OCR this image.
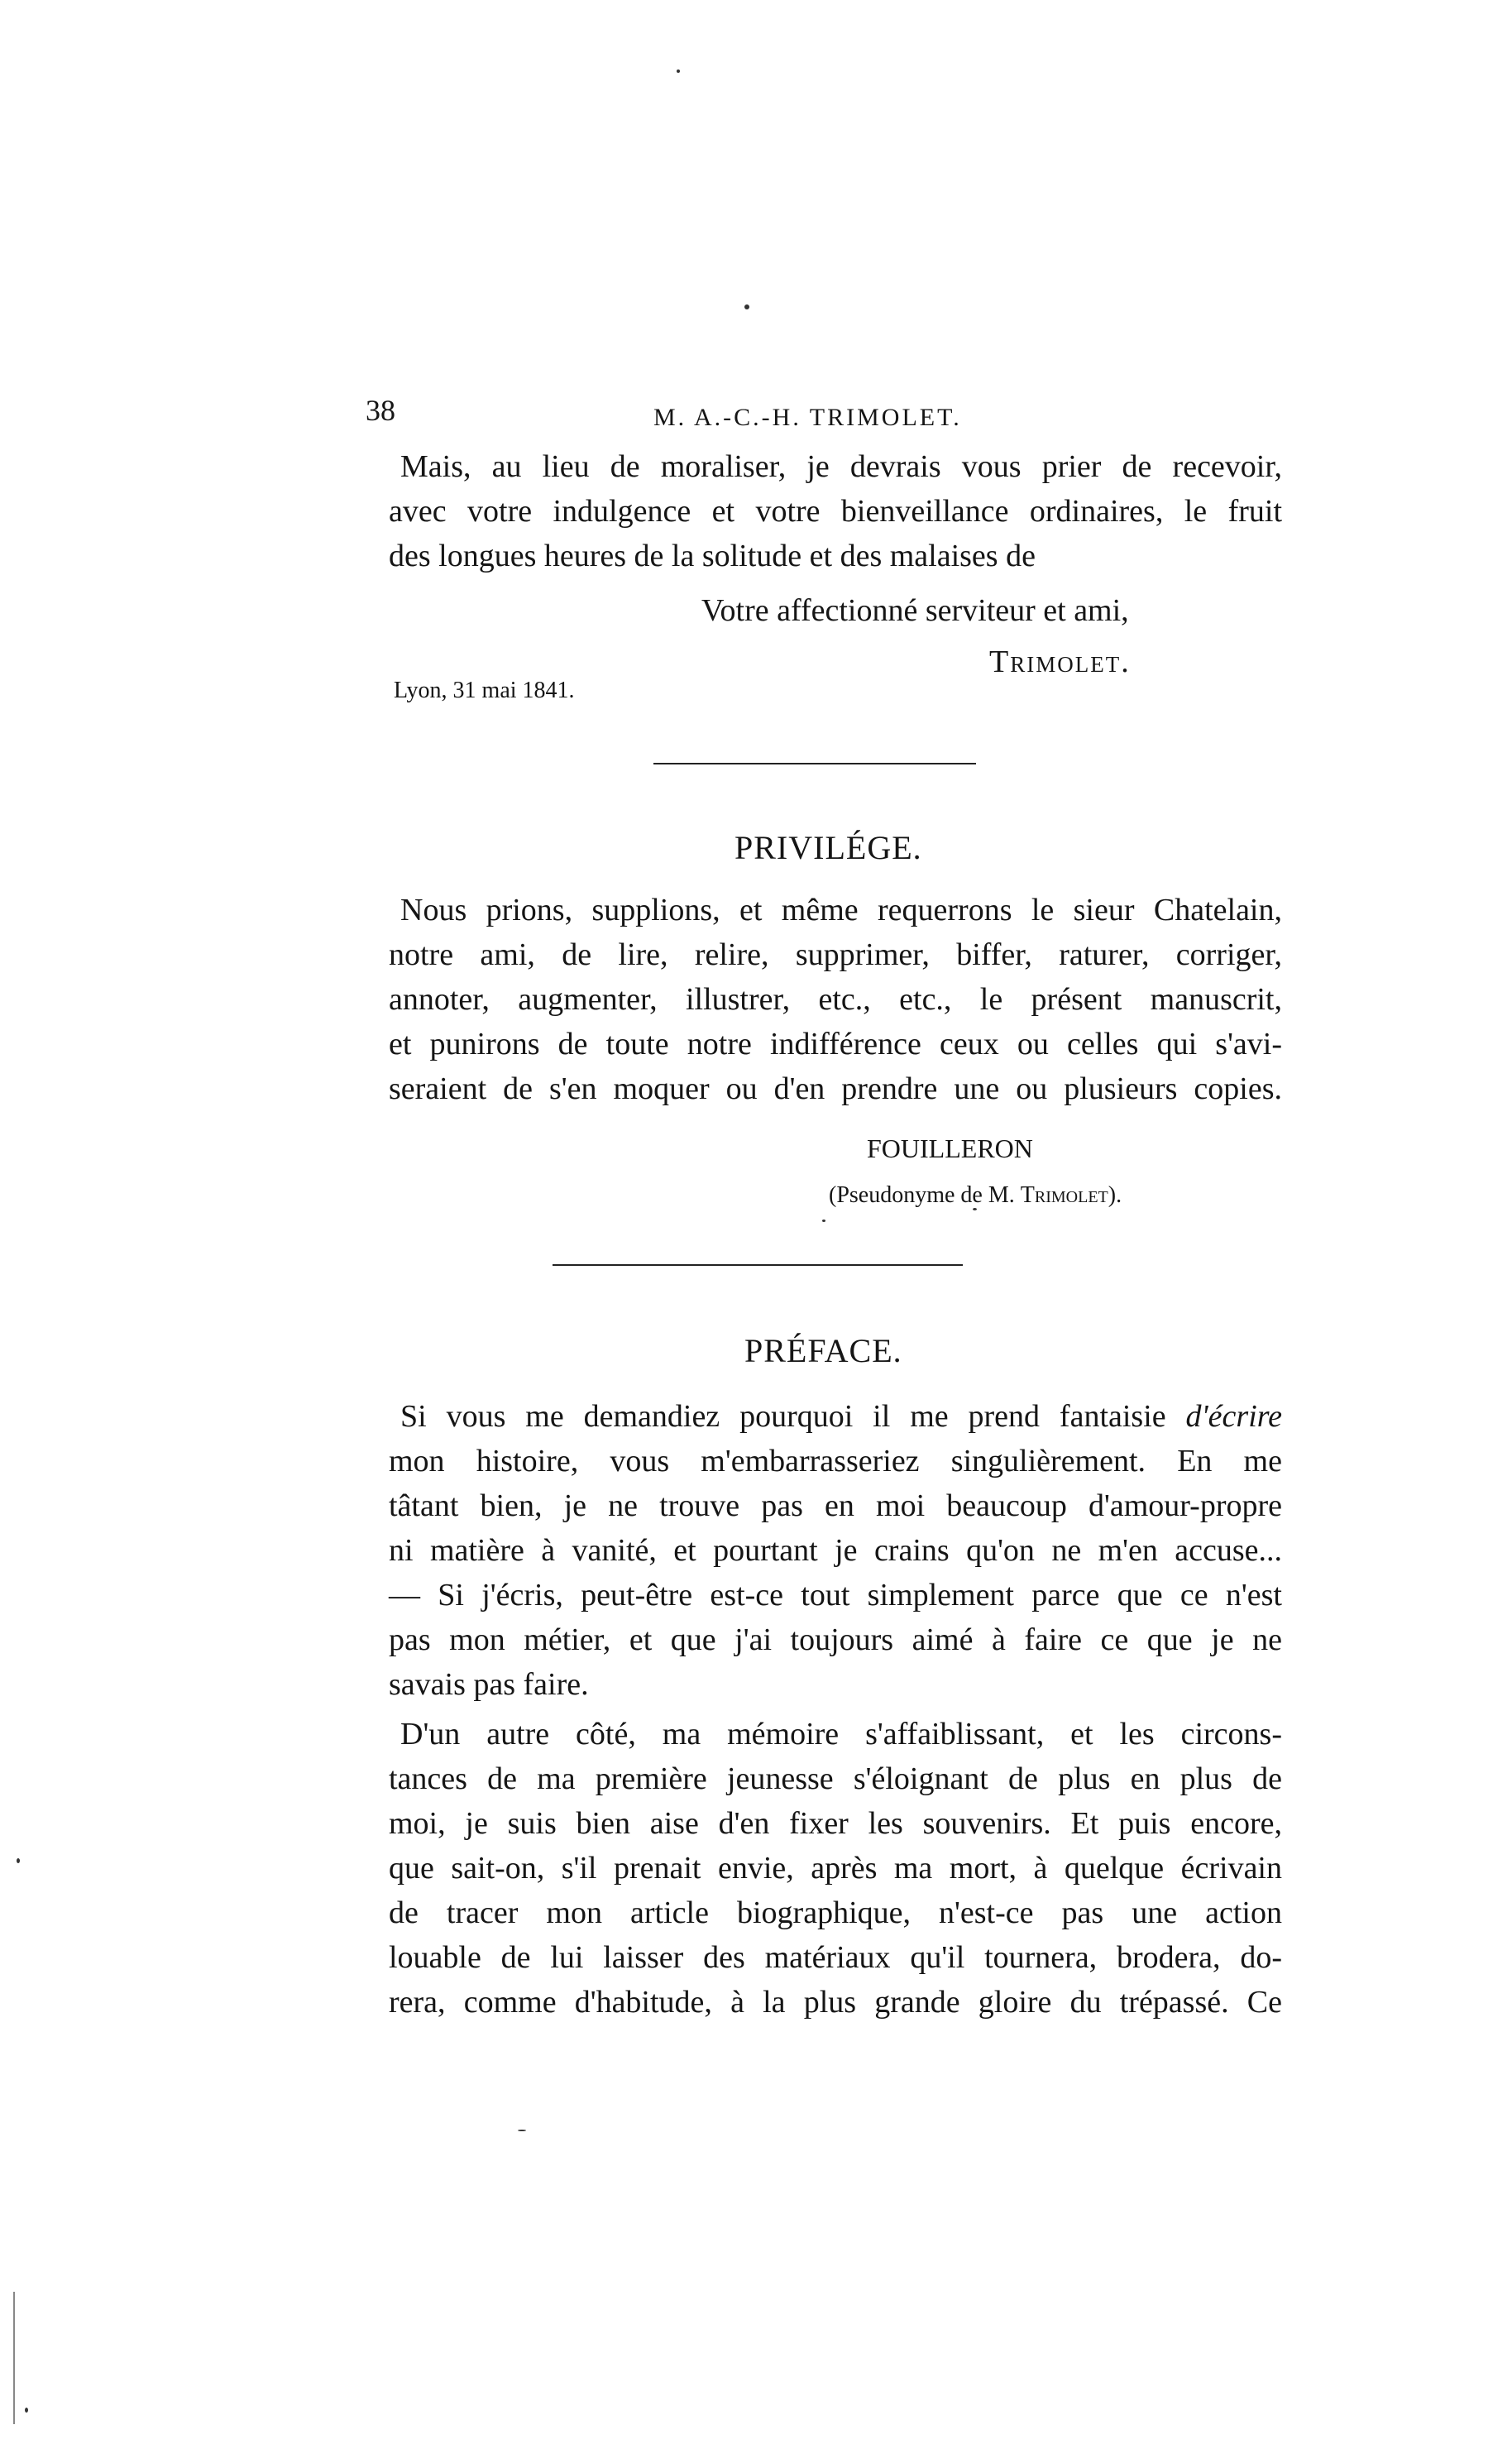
38	M. A.-C.-H. TRIMOLET.
Mais, au lieu de moraliser, je devrais vous prier de recevoir,
avec votre indulgence et votre bienveillance ordinaires, le fruit
des longues heures de la solitude et des malaises de
Votre affectionné serviteur et ami,
Trimolet.
Lyon, 31 mai 1841.
PRIVILÉGE.
Nous prions, supplions, et même requerrons le sieur Chatelain,
notre ami, de lire, relire, supprimer, biffer, raturer, corriger,
annoter, augmenter, illustrer, etc., etc., le présent manuscrit,
et punirons de toute notre indifférence ceux ou celles qui s'avi-
seraient de s'en moquer ou d'en prendre une ou plusieurs copies.
FOUILLERON
(Pseudonyme de M. Trimolet).
PRÉFACE.
Si vous me demandiez pourquoi il me prend fantaisie d'écrire
mon histoire, vous m'embarrasseriez singulièrement. En me
tâtant bien, je ne trouve pas en moi beaucoup d'amour-propre
ni matière à vanité, et pourtant je crains qu'on ne m'en accuse...
— Si j'écris, peut-être est-ce tout simplement parce que ce n'est
pas mon métier, et que j'ai toujours aimé à faire ce que je ne
savais pas faire.
D'un autre côté, ma mémoire s'affaiblissant, et les circons-
tances de ma première jeunesse s'éloignant de plus en plus de
moi, je suis bien aise d'en fixer les souvenirs. Et puis encore,
que sait-on, s'il prenait envie, après ma mort, à quelque écrivain
de tracer mon article biographique, n'est-ce pas une action
louable de lui laisser des matériaux qu'il tournera, brodera, do-
rera, comme d'habitude, à la plus grande gloire du trépassé. Ce
